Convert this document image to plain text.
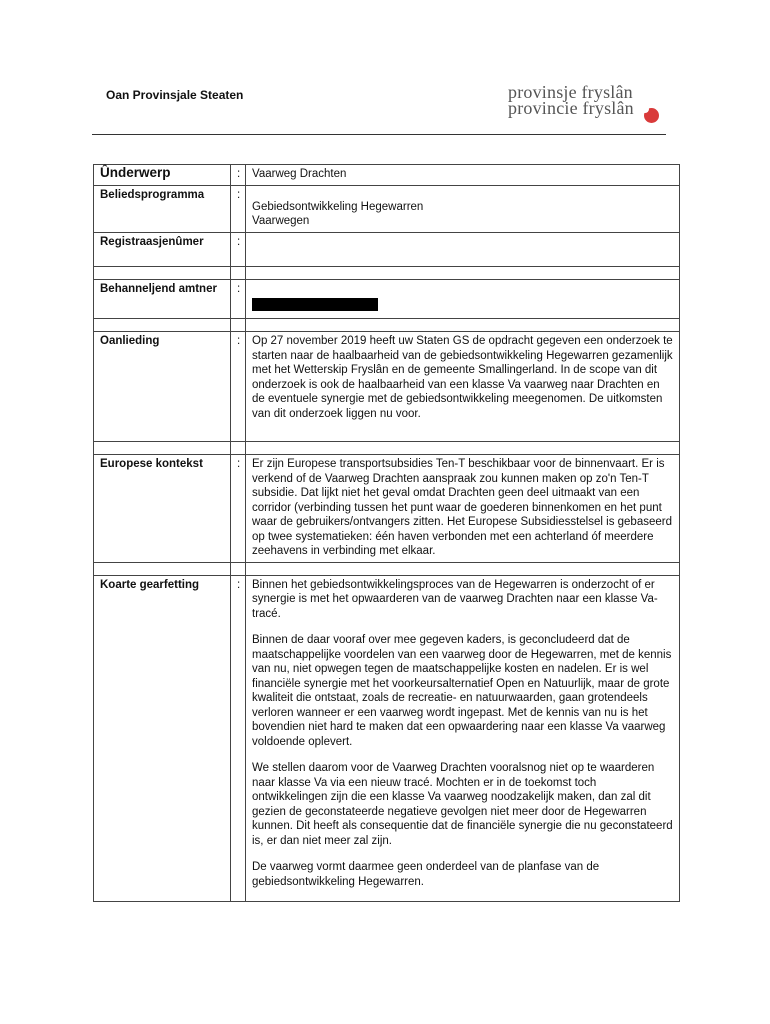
Oan Provinsjale Steaten	provinsje fryslân
provincie fryslân
Ûnderwerp	:	Vaarweg Drachten
Beliedsprogramma	:	Gebiedsontwikkeling Hegewarren
Vaarwegen

Registraasjenûmer	:	

Behanneljend amtner	:	

Oanlieding	:	Op 27 november 2019 heeft uw Staten GS de opdracht gegeven een onderzoek te starten naar de haalbaarheid van de gebiedsontwikkeling Hegewarren gezamenlijk met het Wetterskip Fryslân en de gemeente Smallingerland. In de scope van dit onderzoek is ook de haalbaarheid van een klasse Va vaarweg naar Drachten en de eventuele synergie met de gebiedsontwikkeling meegenomen. De uitkomsten van dit onderzoek liggen nu voor.

Europese kontekst	:	Er zijn Europese transportsubsidies Ten-T beschikbaar voor de binnenvaart. Er is verkend of de Vaarweg Drachten aanspraak zou kunnen maken op zo'n Ten-T subsidie. Dat lijkt niet het geval omdat Drachten geen deel uitmaakt van een corridor (verbinding tussen het punt waar de goederen binnenkomen en het punt waar de gebruikers/ontvangers zitten. Het Europese Subsidiesstelsel is gebaseerd op twee systematieken: één haven verbonden met een achterland óf meerdere zeehavens in verbinding met elkaar.

Koarte gearfetting	:	Binnen het gebiedsontwikkelingsproces van de Hegewarren is onderzocht of er synergie is met het opwaarderen van de vaarweg Drachten naar een klasse Va-tracé.

Binnen de daar vooraf over mee gegeven kaders, is geconcludeerd dat de maatschappelijke voordelen van een vaarweg door de Hegewarren, met de kennis van nu, niet opwegen tegen de maatschappelijke kosten en nadelen. Er is wel financiële synergie met het voorkeursalternatief Open en Natuurlijk, maar de grote kwaliteit die ontstaat, zoals de recreatie- en natuurwaarden, gaan grotendeels verloren wanneer er een vaarweg wordt ingepast. Met de kennis van nu is het bovendien niet hard te maken dat een opwaardering naar een klasse Va vaarweg voldoende oplevert.

We stellen daarom voor de Vaarweg Drachten vooralsnog niet op te waarderen naar klasse Va via een nieuw tracé. Mochten er in de toekomst toch ontwikkelingen zijn die een klasse Va vaarweg noodzakelijk maken, dan zal dit gezien de geconstateerde negatieve gevolgen niet meer door de Hegewarren kunnen. Dit heeft als consequentie dat de financiële synergie die nu geconstateerd is, er dan niet meer zal zijn.

De vaarweg vormt daarmee geen onderdeel van de planfase van de gebiedsontwikkeling Hegewarren.
